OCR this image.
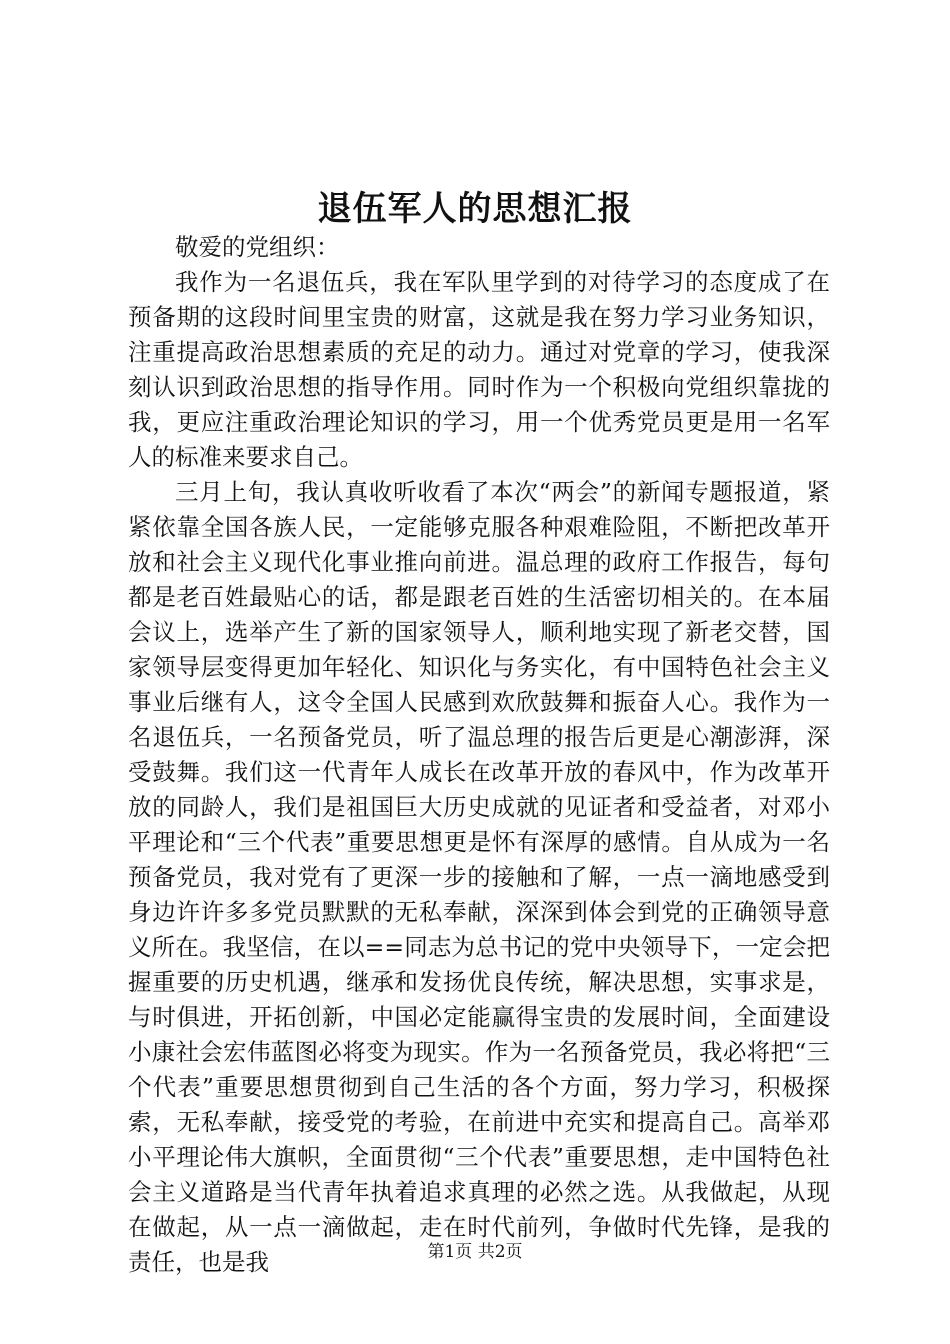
退伍军人的思想汇报

敬爱的党组织：

我作为一名退伍兵，我在军队里学到的对待学习的态度成了在预备期的这段时间里宝贵的财富，这就是我在努力学习业务知识，注重提高政治思想素质的充足的动力。通过对党章的学习，使我深刻认识到政治思想的指导作用。同时作为一个积极向党组织靠拢的我，更应注重政治理论知识的学习，用一个优秀党员更是用一名军人的标准来要求自己。

三月上旬，我认真收听收看了本次“两会”的新闻专题报道，紧紧依靠全国各族人民，一定能够克服各种艰难险阻，不断把改革开放和社会主义现代化事业推向前进。温总理的政府工作报告，每句都是老百姓最贴心的话，都是跟老百姓的生活密切相关的。在本届会议上，选举产生了新的国家领导人，顺利地实现了新老交替，国家领导层变得更加年轻化、知识化与务实化，有中国特色社会主义事业后继有人，这令全国人民感到欢欣鼓舞和振奋人心。我作为一名退伍兵，一名预备党员，听了温总理的报告后更是心潮澎湃，深受鼓舞。我们这一代青年人成长在改革开放的春风中，作为改革开放的同龄人，我们是祖国巨大历史成就的见证者和受益者，对邓小平理论和“三个代表”重要思想更是怀有深厚的感情。自从成为一名预备党员，我对党有了更深一步的接触和了解，一点一滴地感受到身边许许多多党员默默的无私奉献，深深到体会到党的正确领导意义所在。我坚信，在以==同志为总书记的党中央领导下，一定会把握重要的历史机遇，继承和发扬优良传统，解决思想，实事求是，与时俱进，开拓创新，中国必定能赢得宝贵的发展时间，全面建设小康社会宏伟蓝图必将变为现实。作为一名预备党员，我必将把“三个代表”重要思想贯彻到自己生活的各个方面，努力学习，积极探索，无私奉献，接受党的考验，在前进中充实和提高自己。高举邓小平理论伟大旗帜，全面贯彻“三个代表”重要思想，走中国特色社会主义道路是当代青年执着追求真理的必然之选。从我做起，从现在做起，从一点一滴做起，走在时代前列，争做时代先锋，是我的责任，也是我	第1页 共2页
